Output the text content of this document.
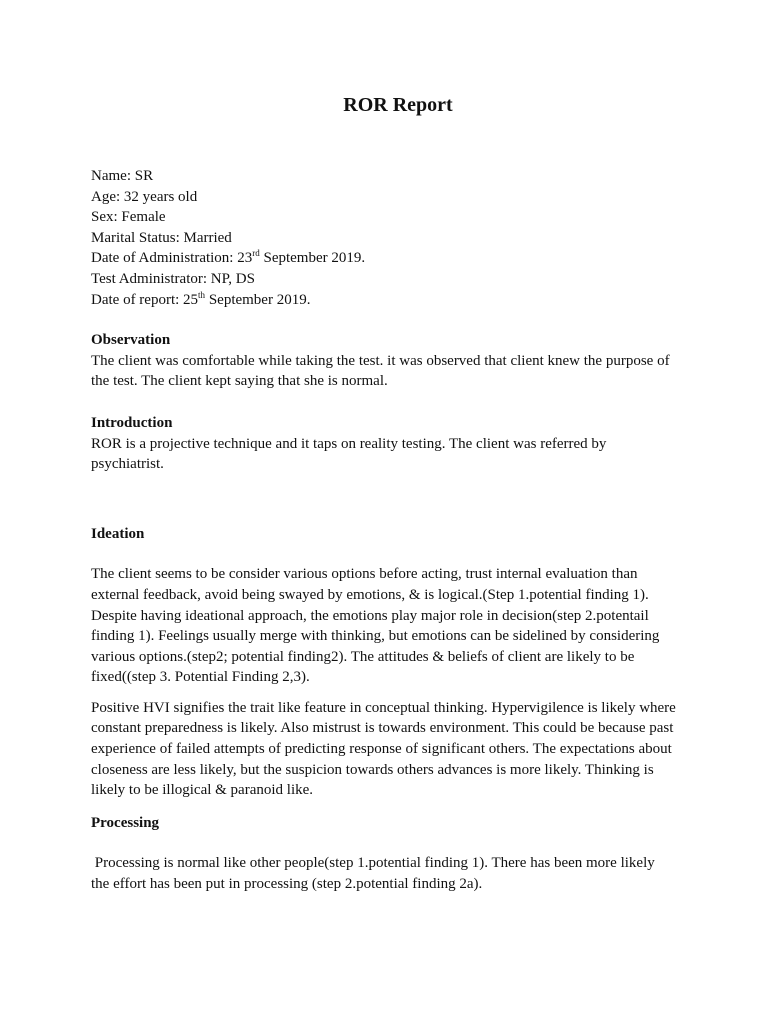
ROR Report
Name: SR
Age: 32 years old
Sex: Female
Marital Status: Married
Date of Administration: 23rd September 2019.
Test Administrator: NP, DS
Date of report: 25th September 2019.
Observation
The client was comfortable while taking the test. it was observed that client knew the purpose of
the test. The client kept saying that she is normal.
Introduction
ROR is a projective technique and it taps on reality testing. The client was referred by
psychiatrist.
Ideation

The client seems to be consider various options before acting, trust internal evaluation than
external feedback, avoid being swayed by emotions, & is logical.(Step 1.potential finding 1).
Despite having ideational approach, the emotions play major role in decision(step 2.potentail
finding 1). Feelings usually merge with thinking, but emotions can be sidelined by considering
various options.(step2; potential finding2). The attitudes & beliefs of client are likely to be
fixed((step 3. Potential Finding 2,3).

Positive HVI signifies the trait like feature in conceptual thinking. Hypervigilence is likely where
constant preparedness is likely. Also mistrust is towards environment. This could be because past
experience of failed attempts of predicting response of significant others. The expectations about
closeness are less likely, but the suspicion towards others advances is more likely. Thinking is
likely to be illogical & paranoid like.

Processing

Processing is normal like other people(step 1.potential finding 1). There has been more likely
the effort has been put in processing (step 2.potential finding 2a).
